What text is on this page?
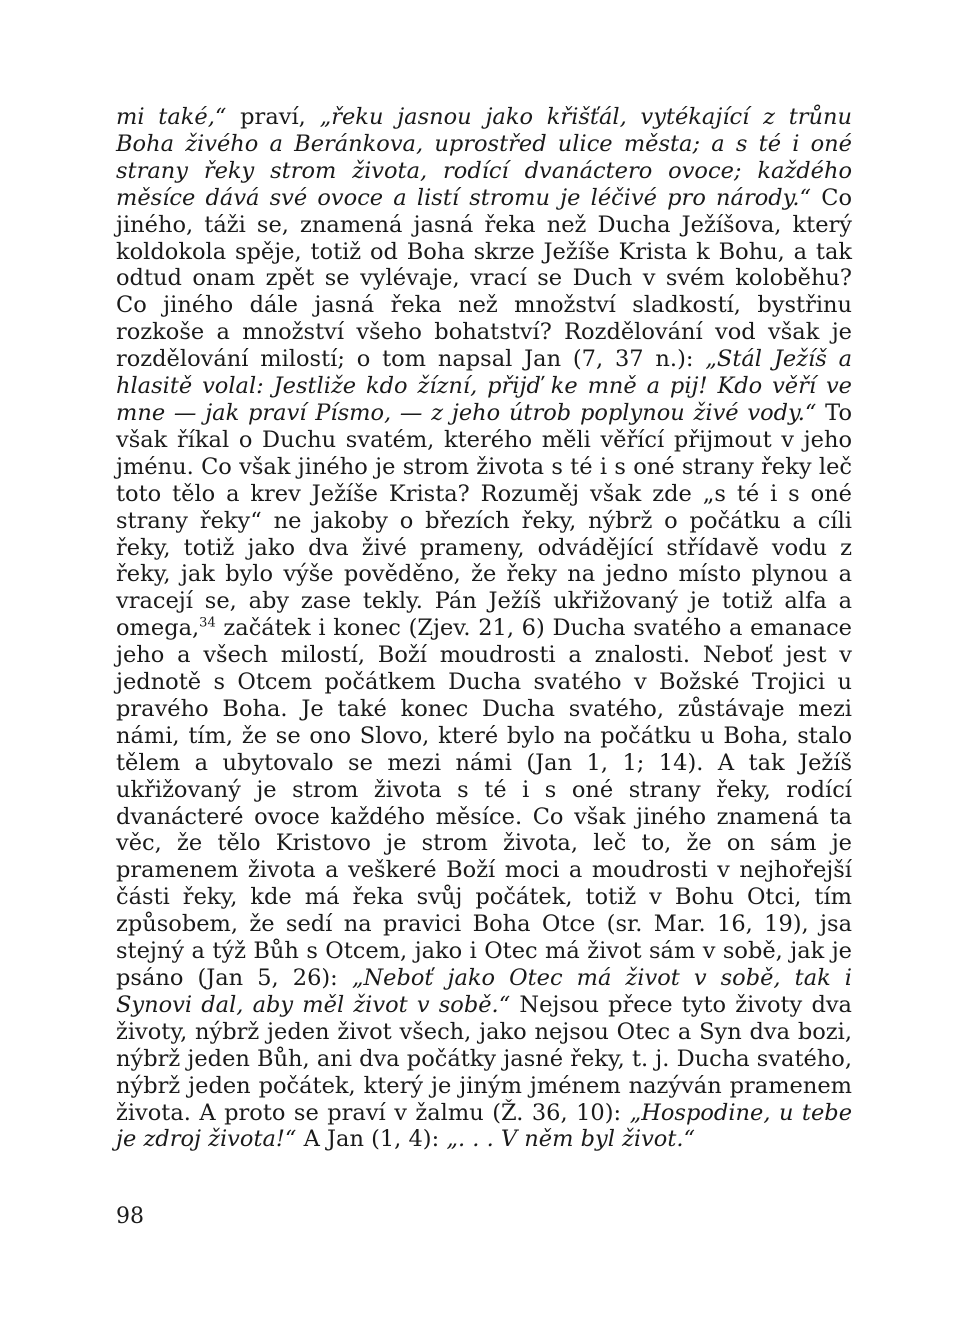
mi také,“ praví, „řeku jasnou jako křišťál, vytékající z trůnu Boha živého a Beránkova, uprostřed ulice města; a s té i oné strany řeky strom života, rodící dvanáctero ovoce; každého měsíce dává své ovoce a listí stromu je léčivé pro národy.“ Co jiného, táži se, znamená jasná řeka než Ducha Ježíšova, který koldokola spěje, totiž od Boha skrze Ježíše Krista k Bohu, a tak odtud onam zpět se vylévaje, vrací se Duch v svém koloběhu? Co jiného dále jasná řeka než množství sladkostí, bystřinu rozkoše a množství všeho bohatství? Rozdělování vod však je rozdělování milostí; o tom napsal Jan (7, 37 n.): „Stál Ježíš a hlasitě volal: Jestliže kdo žízní, přijď ke mně a pij! Kdo věří ve mne — jak praví Písmo, — z jeho útrob poplynou živé vody.“ To však říkal o Duchu svatém, kterého měli věřící přijmout v jeho jménu. Co však jiného je strom života s té i s oné strany řeky leč toto tělo a krev Ježíše Krista? Rozuměj však zde „s té i s oné strany řeky“ ne jakoby o březích řeky, nýbrž o počátku a cíli řeky, totiž jako dva živé prameny, odvádějící střídavě vodu z řeky, jak bylo výše pověděno, že řeky na jedno místo plynou a vracejí se, aby zase tekly. Pán Ježíš ukřižovaný je totiž alfa a omega,$^{34}$ začátek i konec (Zjev. 21, 6) Ducha svatého a emanace jeho a všech milostí, Boží moudrosti a znalosti. Neboť jest v jednotě s Otcem počátkem Ducha svatého v Božské Trojici u pravého Boha. Je také konec Ducha svatého, zůstávaje mezi námi, tím, že se ono Slovo, které bylo na počátku u Boha, stalo tělem a ubytovalo se mezi námi (Jan 1, 1; 14). A tak Ježíš ukřižovaný je strom života s té i s oné strany řeky, rodící dvanácteré ovoce každého měsíce. Co však jiného znamená ta věc, že tělo Kristovo je strom života, leč to, že on sám je pramenem života a veškeré Boží moci a moudrosti v nejhořejší části řeky, kde má řeka svůj počátek, totiž v Bohu Otci, tím způsobem, že sedí na pravici Boha Otce (sr. Mar. 16, 19), jsa stejný a týž Bůh s Otcem, jako i Otec má život sám v sobě, jak je psáno (Jan 5, 26): „Neboť jako Otec má život v sobě, tak i Synovi dal, aby měl život v sobě.“ Nejsou přece tyto životy dva životy, nýbrž jeden život všech, jako nejsou Otec a Syn dva bozi, nýbrž jeden Bůh, ani dva počátky jasné řeky, t. j. Ducha svatého, nýbrž jeden počátek, který je jiným jménem nazýván pramenem života. A proto se praví v žalmu (Ž. 36, 10): „Hospodine, u tebe je zdroj života!“ A Jan (1, 4): „. . . V něm byl život.“

98
